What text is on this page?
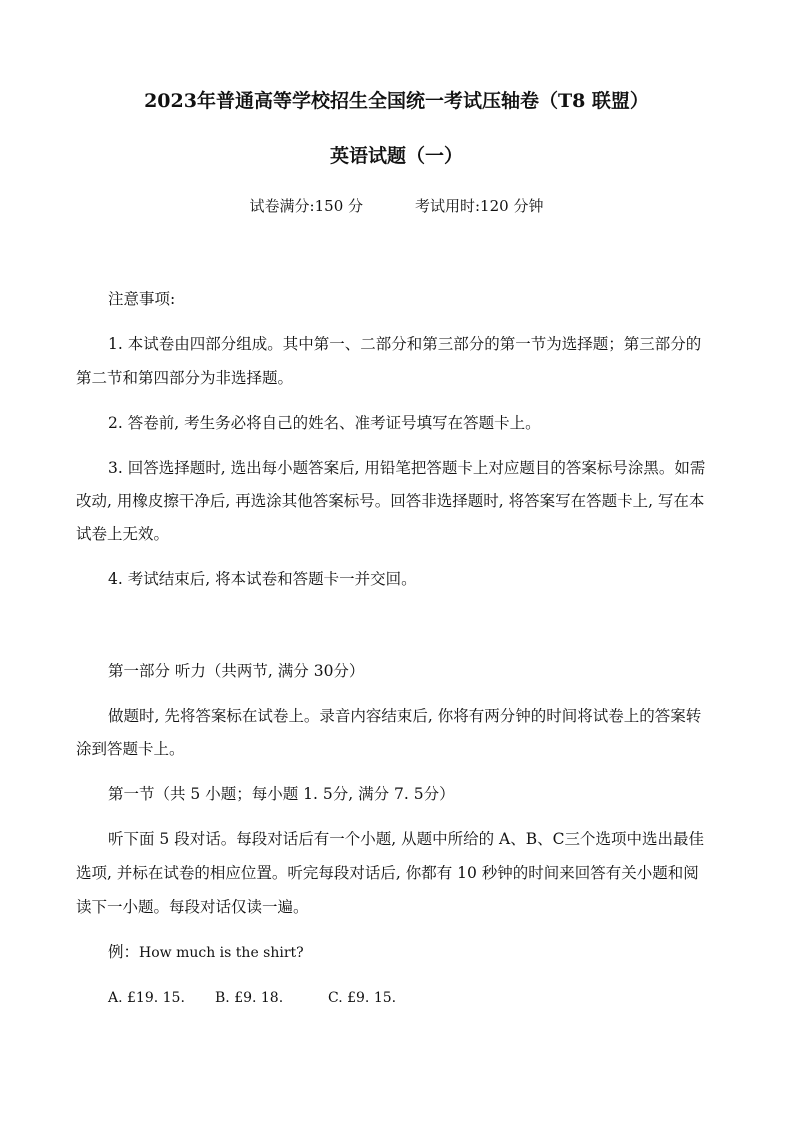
2023年普通高等学校招生全国统一考试压轴卷（T8 联盟）
英语试题（一）
试卷满分:150 分	考试用时:120 分钟
注意事项:
1. 本试卷由四部分组成。其中第一、二部分和第三部分的第一节为选择题；第三部分的
第二节和第四部分为非选择题。
2. 答卷前, 考生务必将自己的姓名、准考证号填写在答题卡上。
3. 回答选择题时, 选出每小题答案后, 用铅笔把答题卡上对应题目的答案标号涂黑。如需
改动, 用橡皮擦干净后, 再选涂其他答案标号。回答非选择题时, 将答案写在答题卡上, 写在本
试卷上无效。
4. 考试结束后, 将本试卷和答题卡一并交回。
第一部分 听力（共两节, 满分 30分）
做题时, 先将答案标在试卷上。录音内容结束后, 你将有两分钟的时间将试卷上的答案转
涂到答题卡上。
第一节（共 5 小题；每小题 1. 5分, 满分 7. 5分）
听下面 5 段对话。每段对话后有一个小题, 从题中所给的 A、B、C三个选项中选出最佳
选项, 并标在试卷的相应位置。听完每段对话后, 你都有 10 秒钟的时间来回答有关小题和阅
读下一小题。每段对话仅读一遍。
例：How much is the shirt?
A. £19. 15. B. £9. 18.	C. £9. 15.
